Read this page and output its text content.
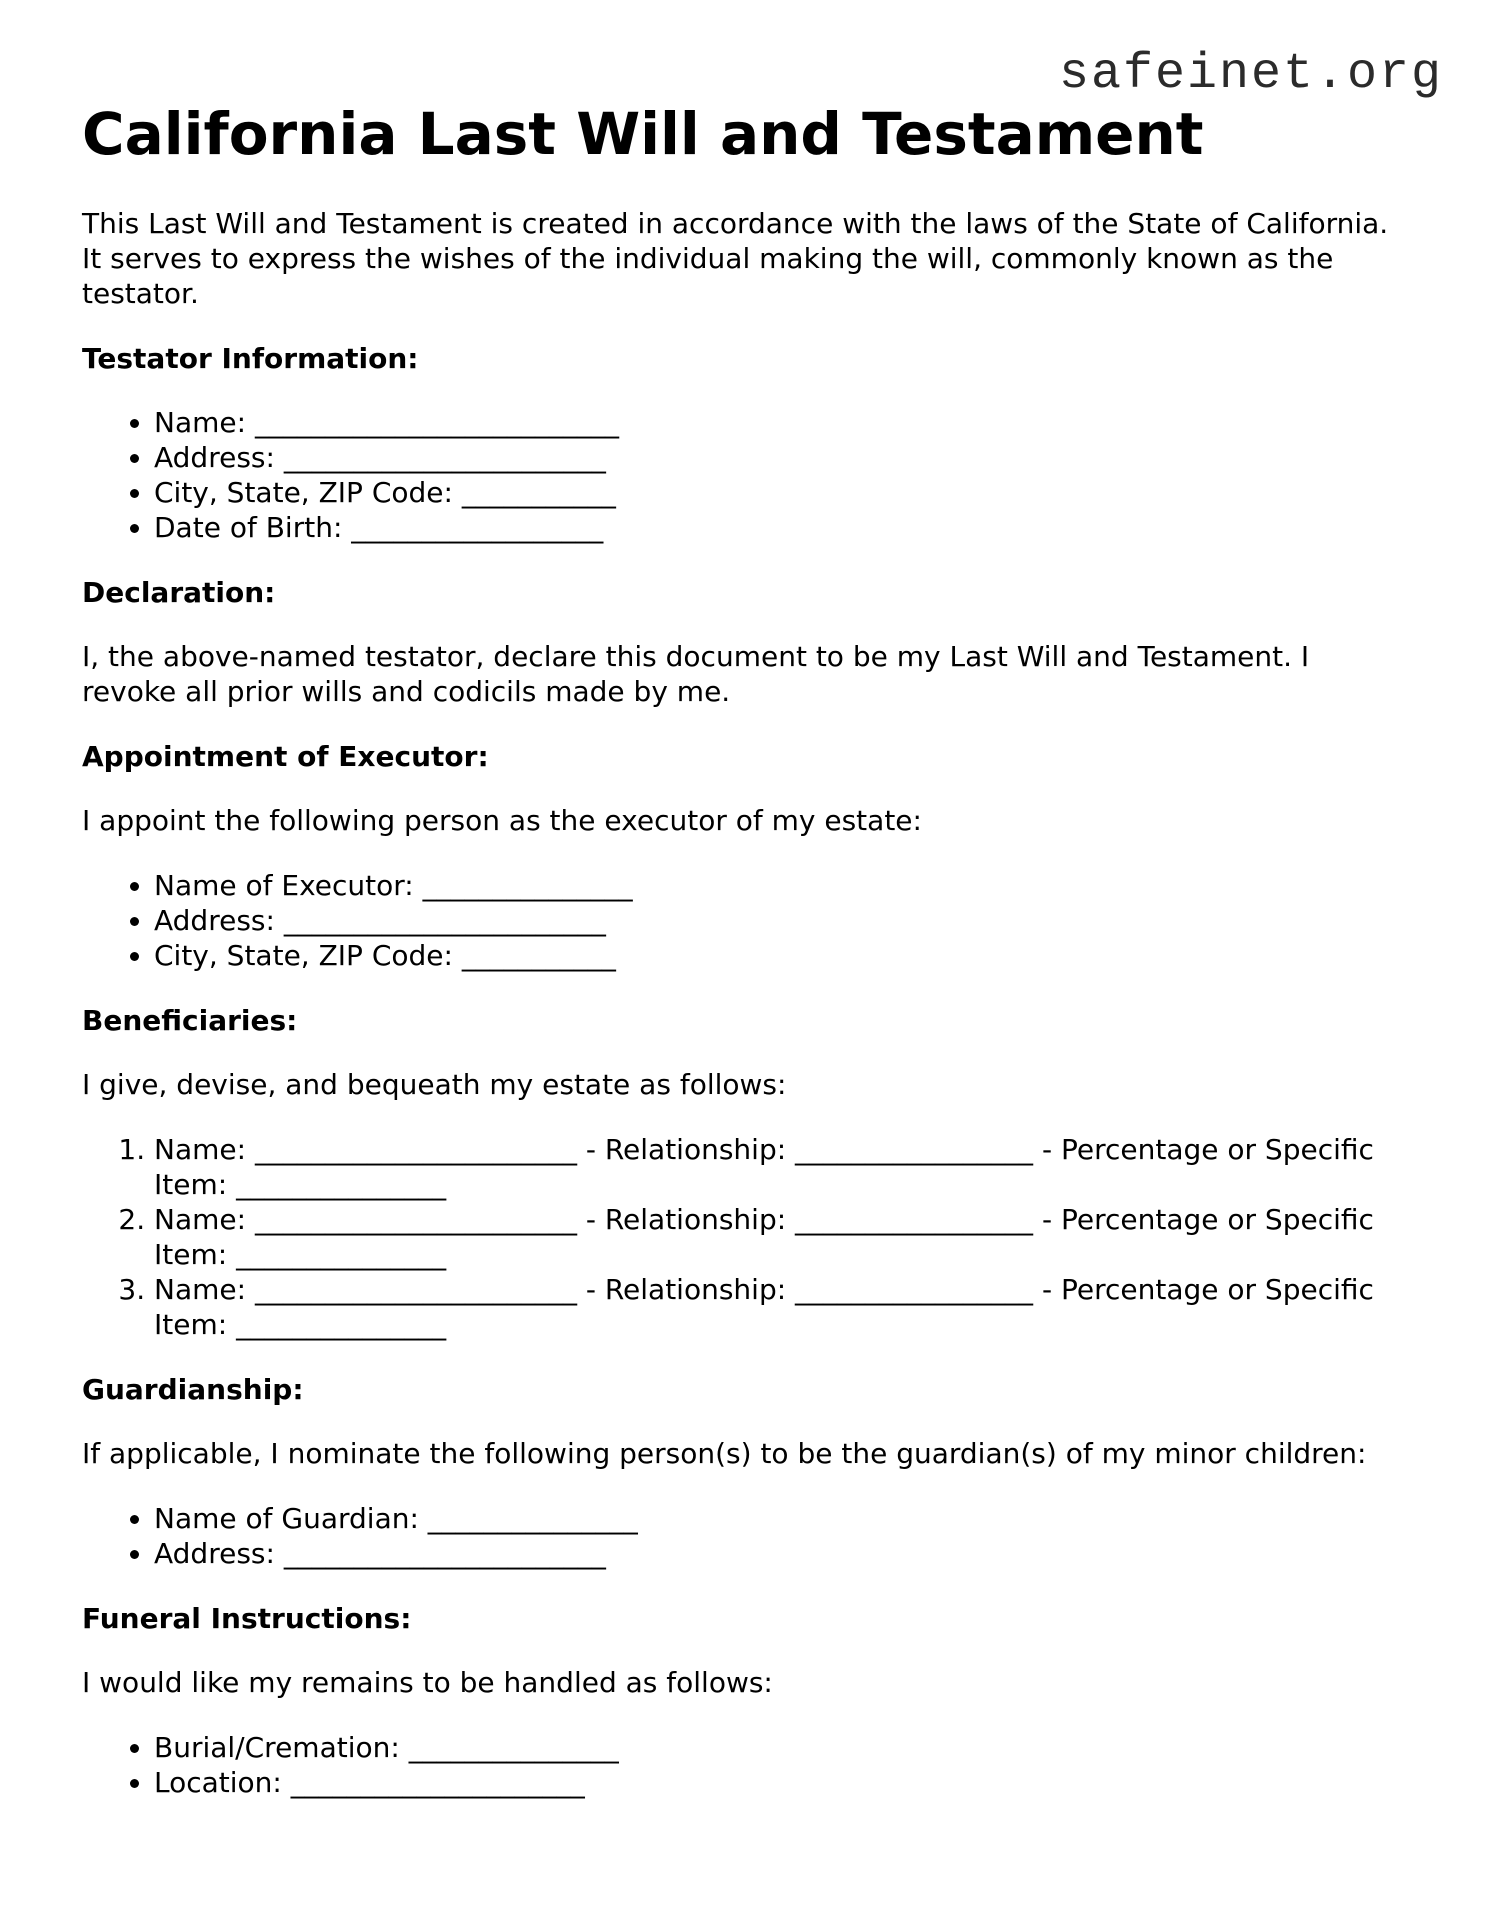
safeinet.org
California Last Will and Testament

This Last Will and Testament is created in accordance with the laws of the State of California. It serves to express the wishes of the individual making the will, commonly known as the testator.

Testator Information:
• Name: __________________________
• Address: _______________________
• City, State, ZIP Code: ___________
• Date of Birth: __________________
Declaration:

I, the above-named testator, declare this document to be my Last Will and Testament. I revoke all prior wills and codicils made by me.

Appointment of Executor:

I appoint the following person as the executor of my estate:

• Name of Executor: _______________
• Address: _______________________
• City, State, ZIP Code: ___________
Beneficiaries:

I give, devise, and bequeath my estate as follows:

1. Name: _______________________ - Relationship: _________________ - Percentage or Specific Item: _______________
2. Name: _______________________ - Relationship: _________________ - Percentage or Specific Item: _______________
3. Name: _______________________ - Relationship: _________________ - Percentage or Specific Item: _______________
Guardianship:

If applicable, I nominate the following person(s) to be the guardian(s) of my minor children:

• Name of Guardian: _______________
• Address: _______________________
Funeral Instructions:

I would like my remains to be handled as follows:

• Burial/Cremation: _______________
• Location: _____________________
